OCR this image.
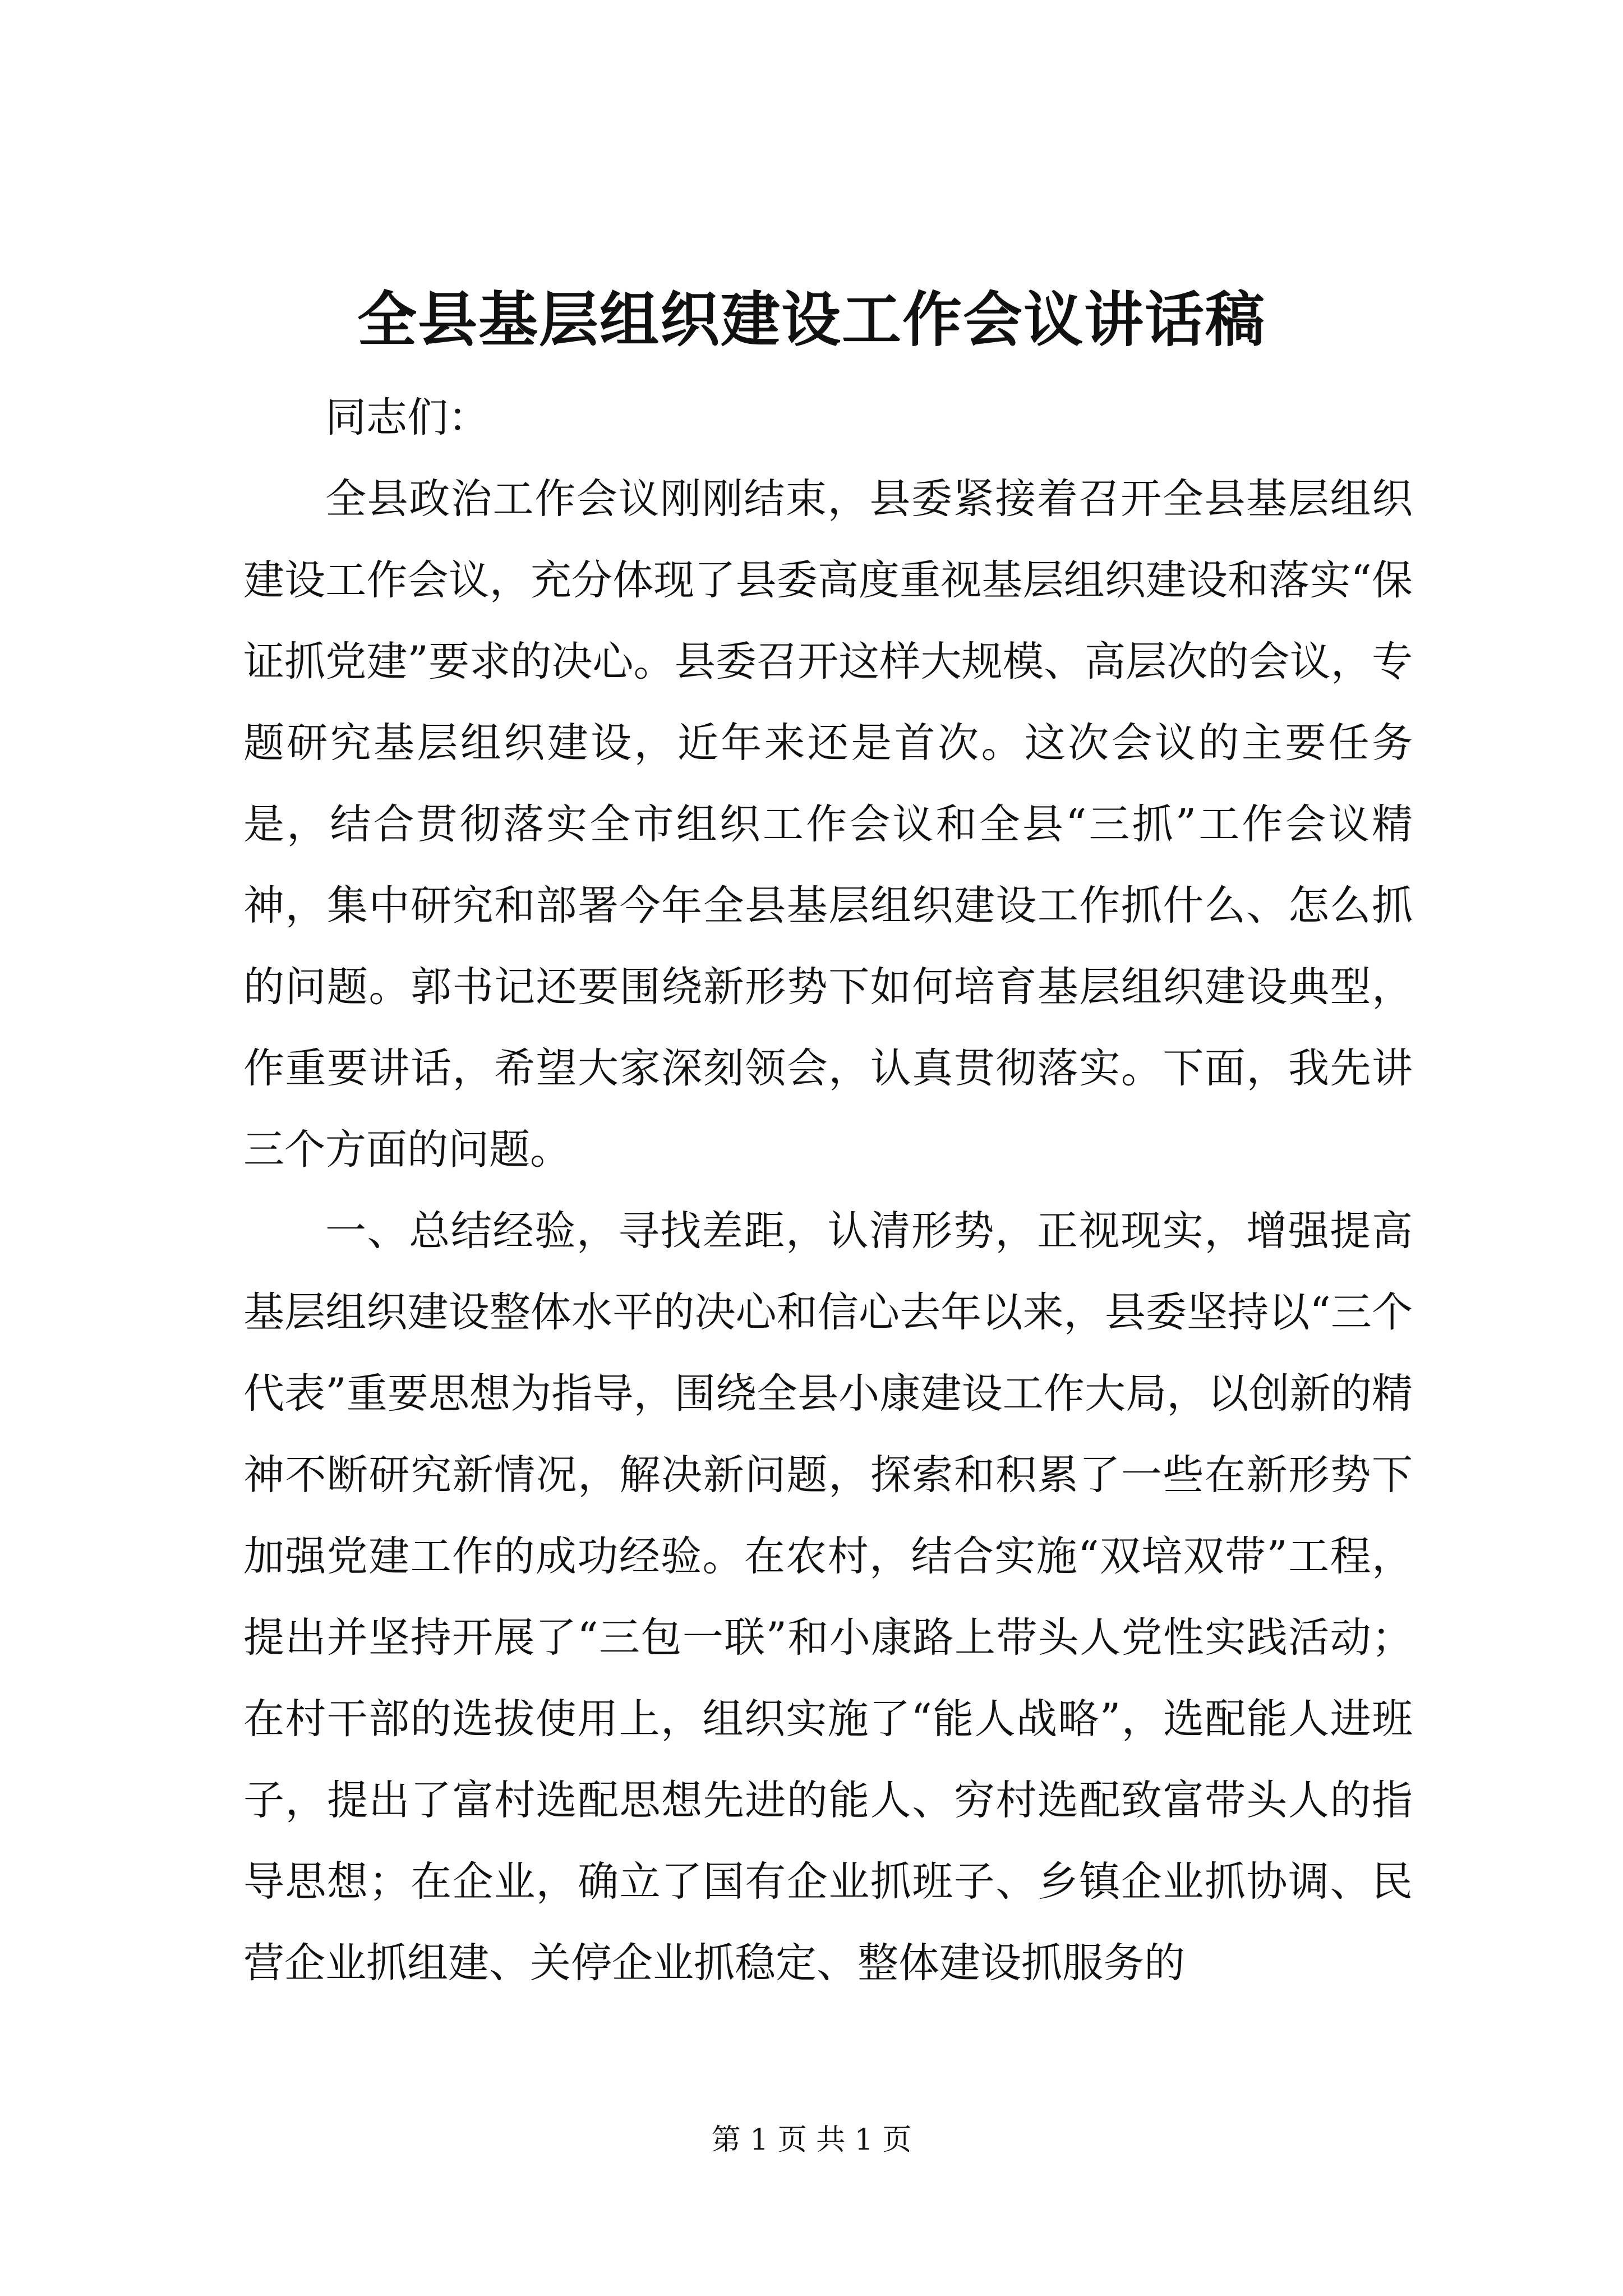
全县基层组织建设工作会议讲话稿

同志们：

全县政治工作会议刚刚结束，县委紧接着召开全县基层组织建设工作会议，充分体现了县委高度重视基层组织建设和落实“保证抓党建”要求的决心。县委召开这样大规模、高层次的会议，专题研究基层组织建设，近年来还是首次。这次会议的主要任务是，结合贯彻落实全市组织工作会议和全县“三抓”工作会议精神，集中研究和部署今年全县基层组织建设工作抓什么、怎么抓的问题。郭书记还要围绕新形势下如何培育基层组织建设典型，作重要讲话，希望大家深刻领会，认真贯彻落实。下面，我先讲三个方面的问题。

一、总结经验，寻找差距，认清形势，正视现实，增强提高基层组织建设整体水平的决心和信心去年以来，县委坚持以“三个代表”重要思想为指导，围绕全县小康建设工作大局，以创新的精神不断研究新情况，解决新问题，探索和积累了一些在新形势下加强党建工作的成功经验。在农村，结合实施“双培双带”工程，提出并坚持开展了“三包一联”和小康路上带头人党性实践活动；在村干部的选拔使用上，组织实施了“能人战略”，选配能人进班子，提出了富村选配思想先进的能人、穷村选配致富带头人的指导思想；在企业，确立了国有企业抓班子、乡镇企业抓协调、民营企业抓组建、关停企业抓稳定、整体建设抓服务的

第 1 页 共 1 页
